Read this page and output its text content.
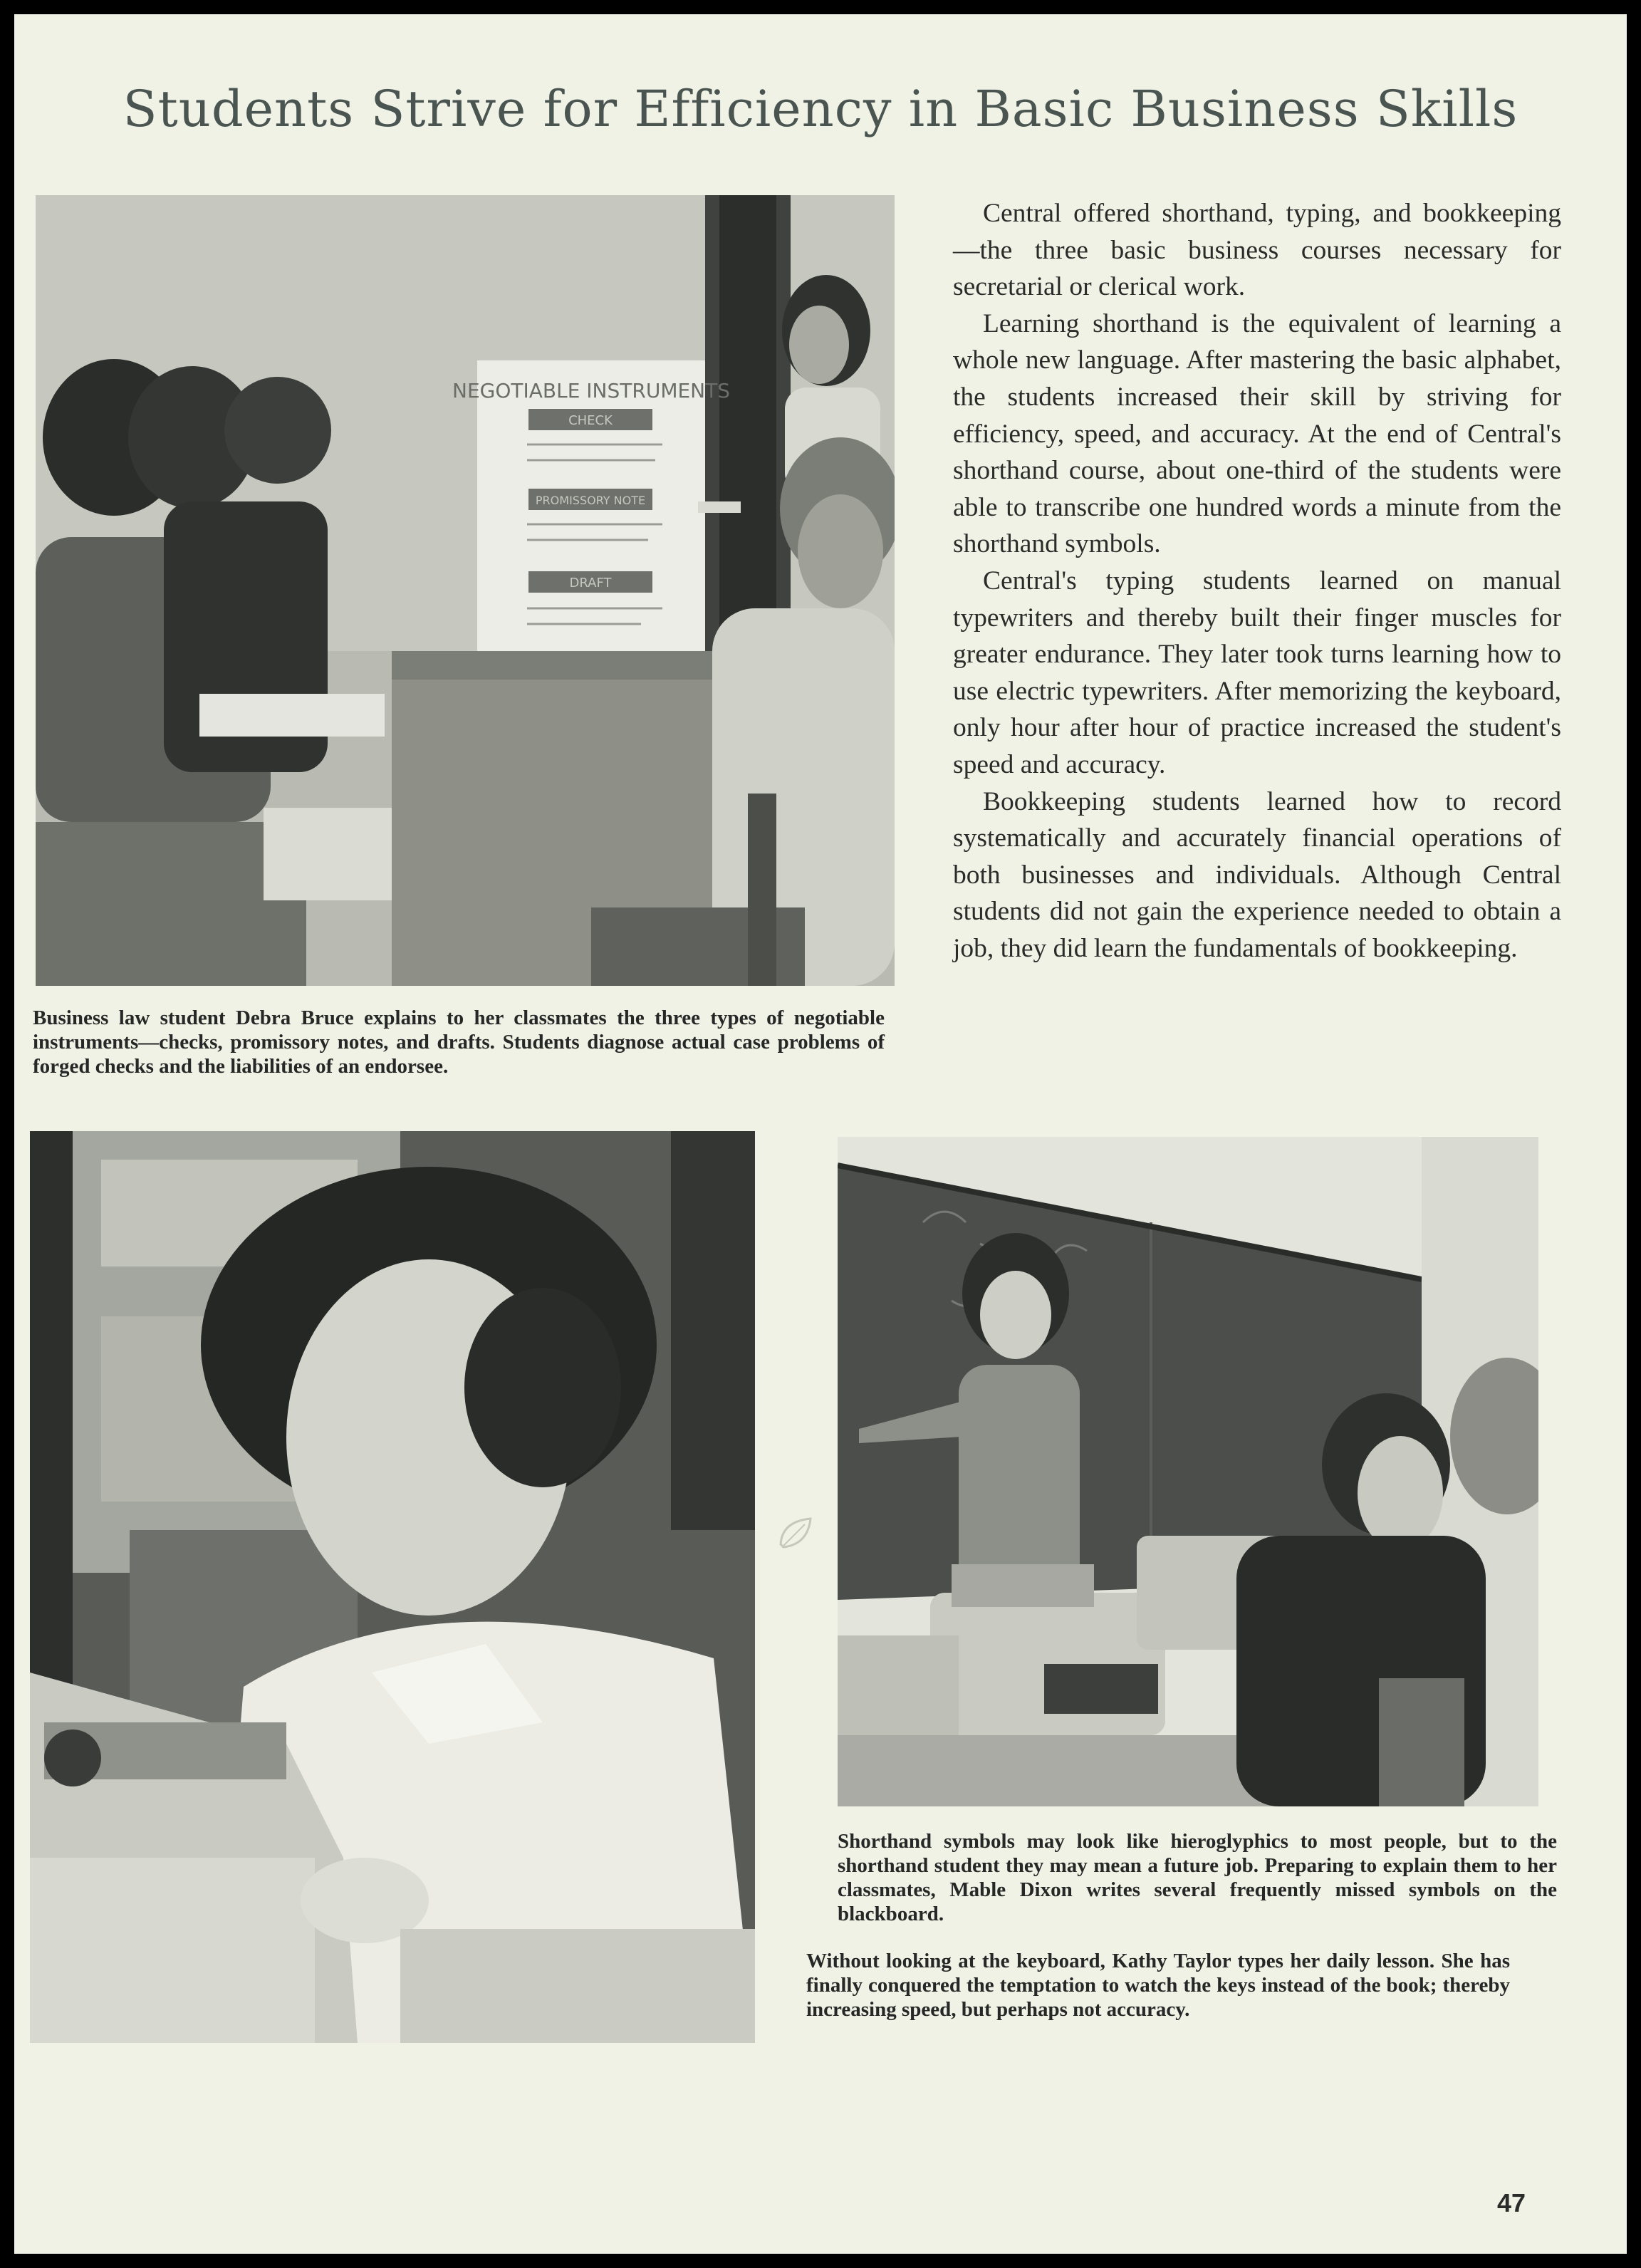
Students Strive for Efficiency in Basic Business Skills
NEGOTIABLE INSTRUMENTS
CHECK
PROMISSORY NOTE
DRAFT

Central offered shorthand, typing, and bookkeeping—the three basic business courses necessary for secretarial or clerical work.

Learning shorthand is the equivalent of learning a whole new language. After mastering the basic alphabet, the students increased their skill by striving for efficiency, speed, and accuracy. At the end of Central's shorthand course, about one-third of the students were able to transcribe one hundred words a minute from the shorthand symbols.

Central's typing students learned on manual typewriters and thereby built their finger muscles for greater endurance. They later took turns learning how to use electric typewriters. After memorizing the keyboard, only hour after hour of practice increased the student's speed and accuracy.

Bookkeeping students learned how to record systematically and accurately financial operations of both businesses and individuals. Although Central students did not gain the experience needed to obtain a job, they did learn the fundamentals of bookkeeping.

Business law student Debra Bruce explains to her classmates the three types of negotiable instruments—checks, promissory notes, and drafts. Students diagnose actual case problems of forged checks and the liabilities of an endorsee.
Shorthand symbols may look like hieroglyphics to most people, but to the shorthand student they may mean a future job. Preparing to explain them to her classmates, Mable Dixon writes several frequently missed symbols on the blackboard.
Without looking at the keyboard, Kathy Taylor types her daily lesson. She has finally conquered the temptation to watch the keys instead of the book; thereby increasing speed, but perhaps not accuracy.
47
